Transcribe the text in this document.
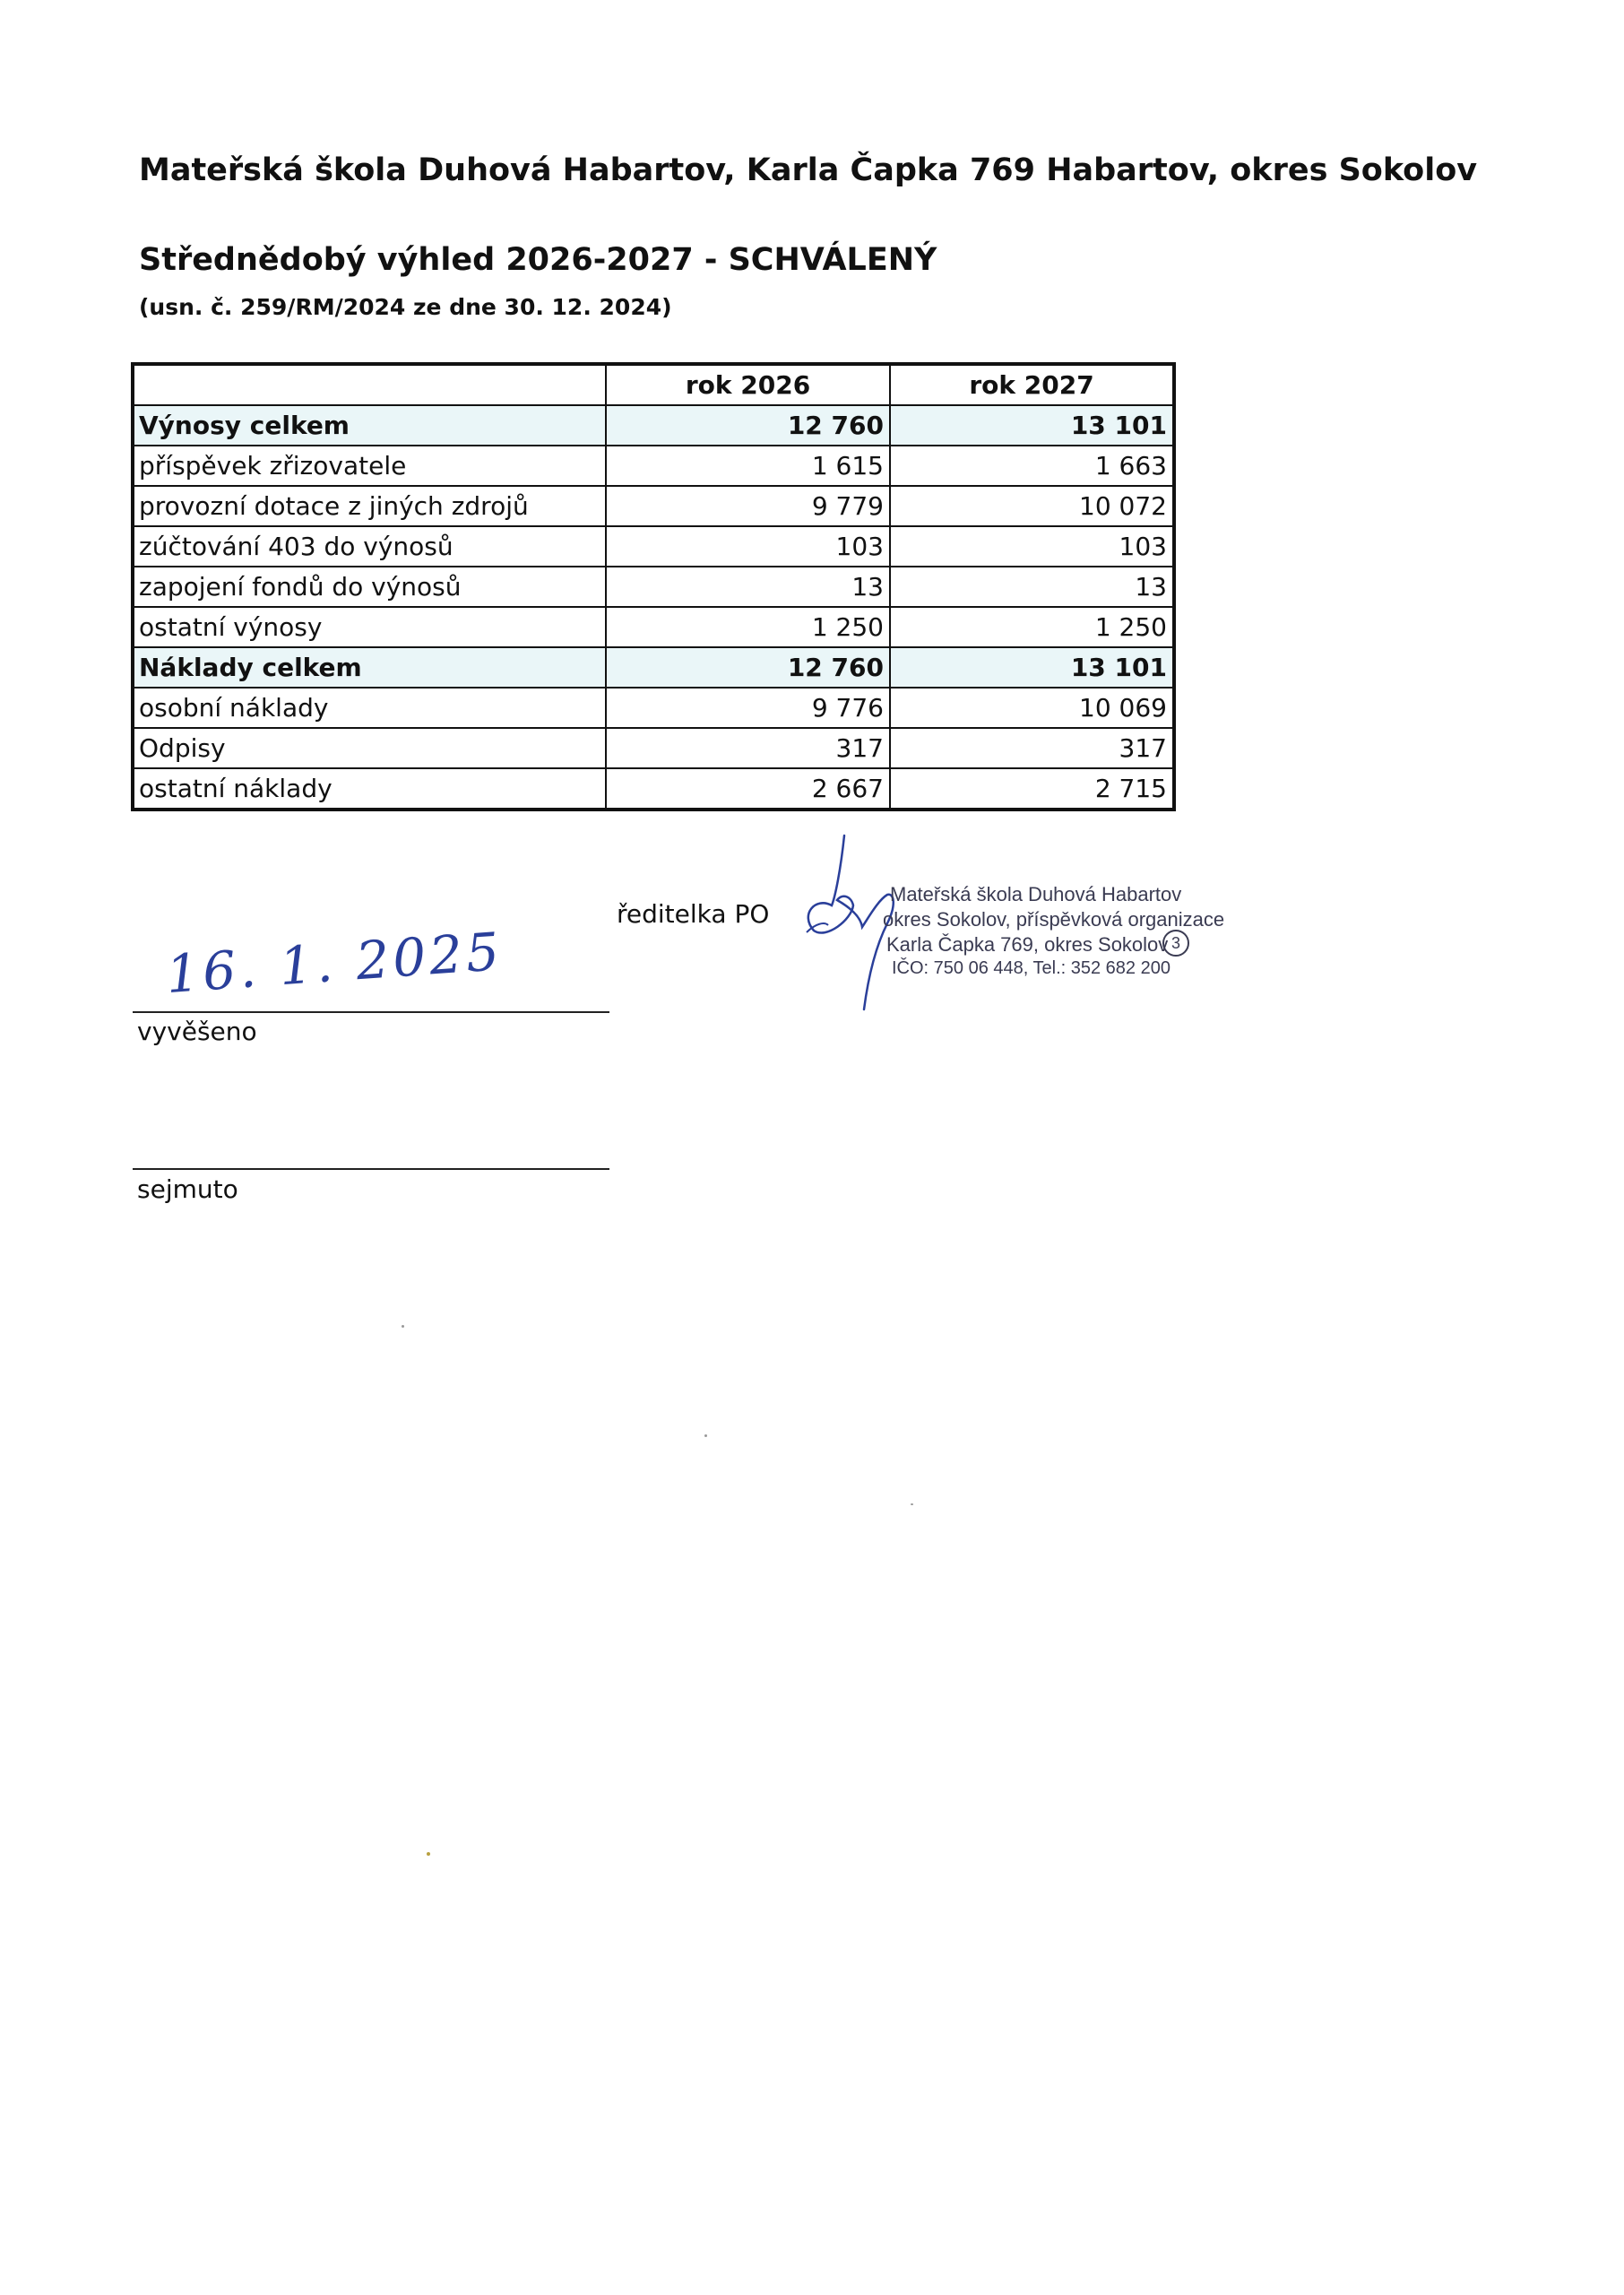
Mateřská škola Duhová Habartov, Karla Čapka 769 Habartov, okres Sokolov
Střednědobý výhled 2026-2027 - SCHVÁLENÝ
(usn. č. 259/RM/2024 ze dne 30. 12. 2024)
	rok 2026	rok 2027
Výnosy celkem	12 760	13 101
příspěvek zřizovatele	1 615	1 663
provozní dotace z jiných zdrojů	9 779	10 072
zúčtování 403 do výnosů	103	103
zapojení fondů do výnosů	13	13
ostatní výnosy	1 250	1 250
Náklady celkem	12 760	13 101
osobní náklady	9 776	10 069
Odpisy	317	317
ostatní náklady	2 667	2 715
ředitelka PO
Mateřská škola Duhová Habartov
okres Sokolov, příspěvková organizace
Karla Čapka 769, okres Sokolov 3
IČO: 750 06 448, Tel.: 352 682 200
16. 1. 2025
vyvěšeno
sejmuto
